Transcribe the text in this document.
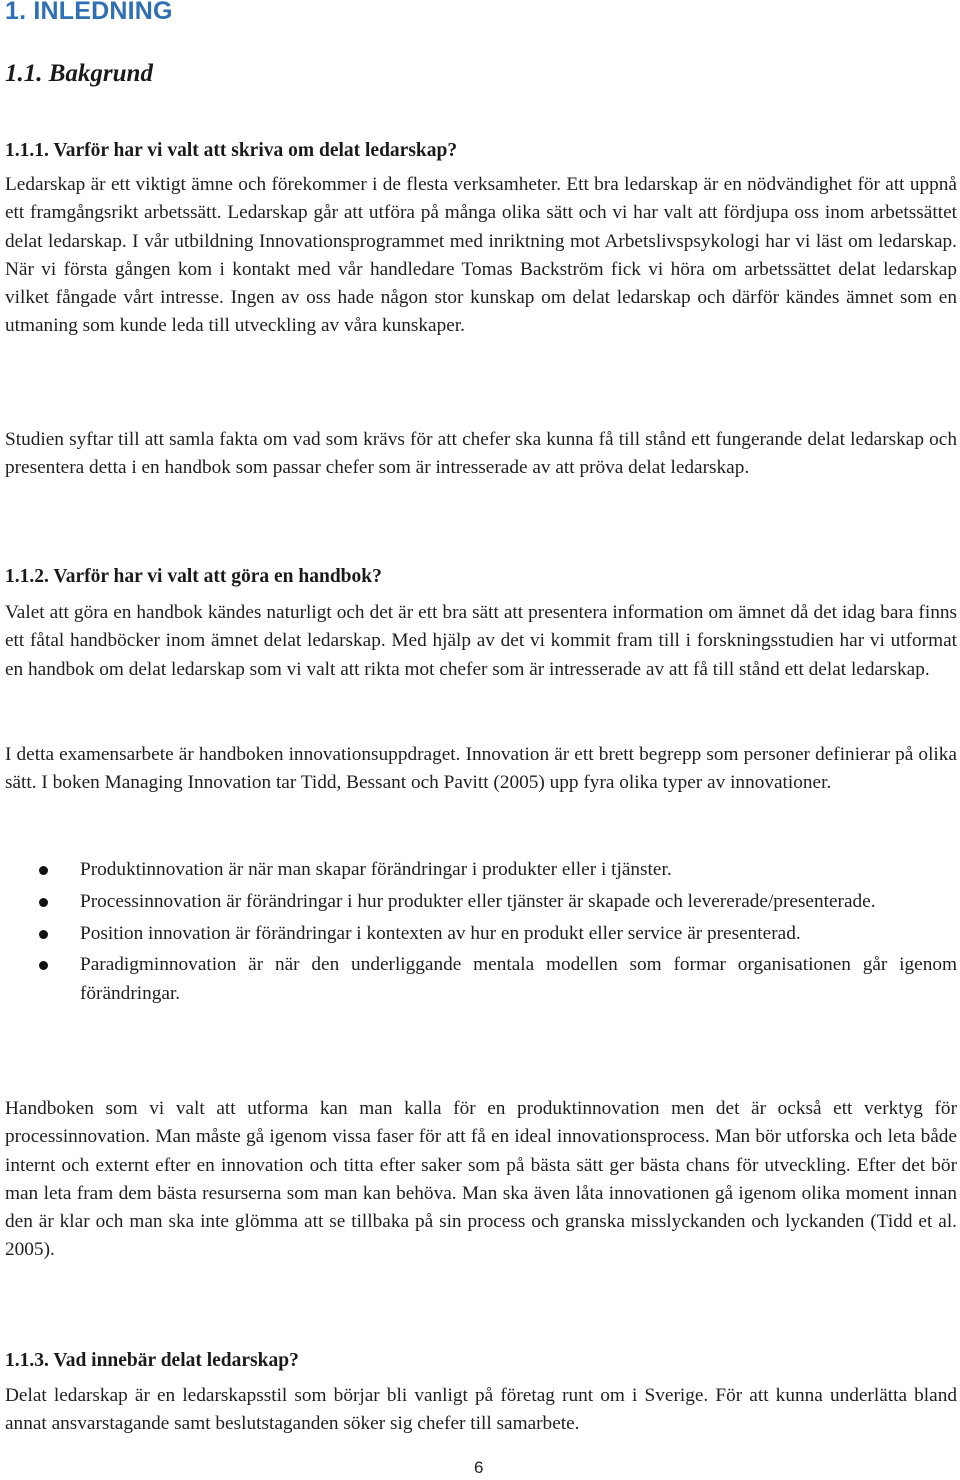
1. INLEDNING
1.1. Bakgrund
1.1.1. Varför har vi valt att skriva om delat ledarskap?

Ledarskap är ett viktigt ämne och förekommer i de flesta verksamheter. Ett bra ledarskap är en nödvändighet för att uppnå ett framgångsrikt arbetssätt. Ledarskap går att utföra på många olika sätt och vi har valt att fördjupa oss inom arbetssättet delat ledarskap. I vår utbildning Innovationsprogrammet med inriktning mot Arbetslivspsykologi har vi läst om ledarskap. När vi första gången kom i kontakt med vår handledare Tomas Backström fick vi höra om arbetssättet delat ledarskap vilket fångade vårt intresse. Ingen av oss hade någon stor kunskap om delat ledarskap och därför kändes ämnet som en utmaning som kunde leda till utveckling av våra kunskaper.

Studien syftar till att samla fakta om vad som krävs för att chefer ska kunna få till stånd ett fungerande delat ledarskap och presentera detta i en handbok som passar chefer som är intresserade av att pröva delat ledarskap.

1.1.2. Varför har vi valt att göra en handbok?

Valet att göra en handbok kändes naturligt och det är ett bra sätt att presentera information om ämnet då det idag bara finns ett fåtal handböcker inom ämnet delat ledarskap. Med hjälp av det vi kommit fram till i forskningsstudien har vi utformat en handbok om delat ledarskap som vi valt att rikta mot chefer som är intresserade av att få till stånd ett delat ledarskap.

I detta examensarbete är handboken innovationsuppdraget. Innovation är ett brett begrepp som personer definierar på olika sätt. I boken Managing Innovation tar Tidd, Bessant och Pavitt (2005) upp fyra olika typer av innovationer.

Produktinnovation är när man skapar förändringar i produkter eller i tjänster.
Processinnovation är förändringar i hur produkter eller tjänster är skapade och levererade/presenterade.
Position innovation är förändringar i kontexten av hur en produkt eller service är presenterad.
Paradigminnovation är när den underliggande mentala modellen som formar organisationen går igenom förändringar.

Handboken som vi valt att utforma kan man kalla för en produktinnovation men det är också ett verktyg för processinnovation. Man måste gå igenom vissa faser för att få en ideal innovationsprocess. Man bör utforska och leta både internt och externt efter en innovation och titta efter saker som på bästa sätt ger bästa chans för utveckling. Efter det bör man leta fram dem bästa resurserna som man kan behöva. Man ska även låta innovationen gå igenom olika moment innan den är klar och man ska inte glömma att se tillbaka på sin process och granska misslyckanden och lyckanden (Tidd et al. 2005).

1.1.3. Vad innebär delat ledarskap?

Delat ledarskap är en ledarskapsstil som börjar bli vanligt på företag runt om i Sverige. För att kunna underlätta bland annat ansvarstagande samt beslutstaganden söker sig chefer till samarbete.

6
